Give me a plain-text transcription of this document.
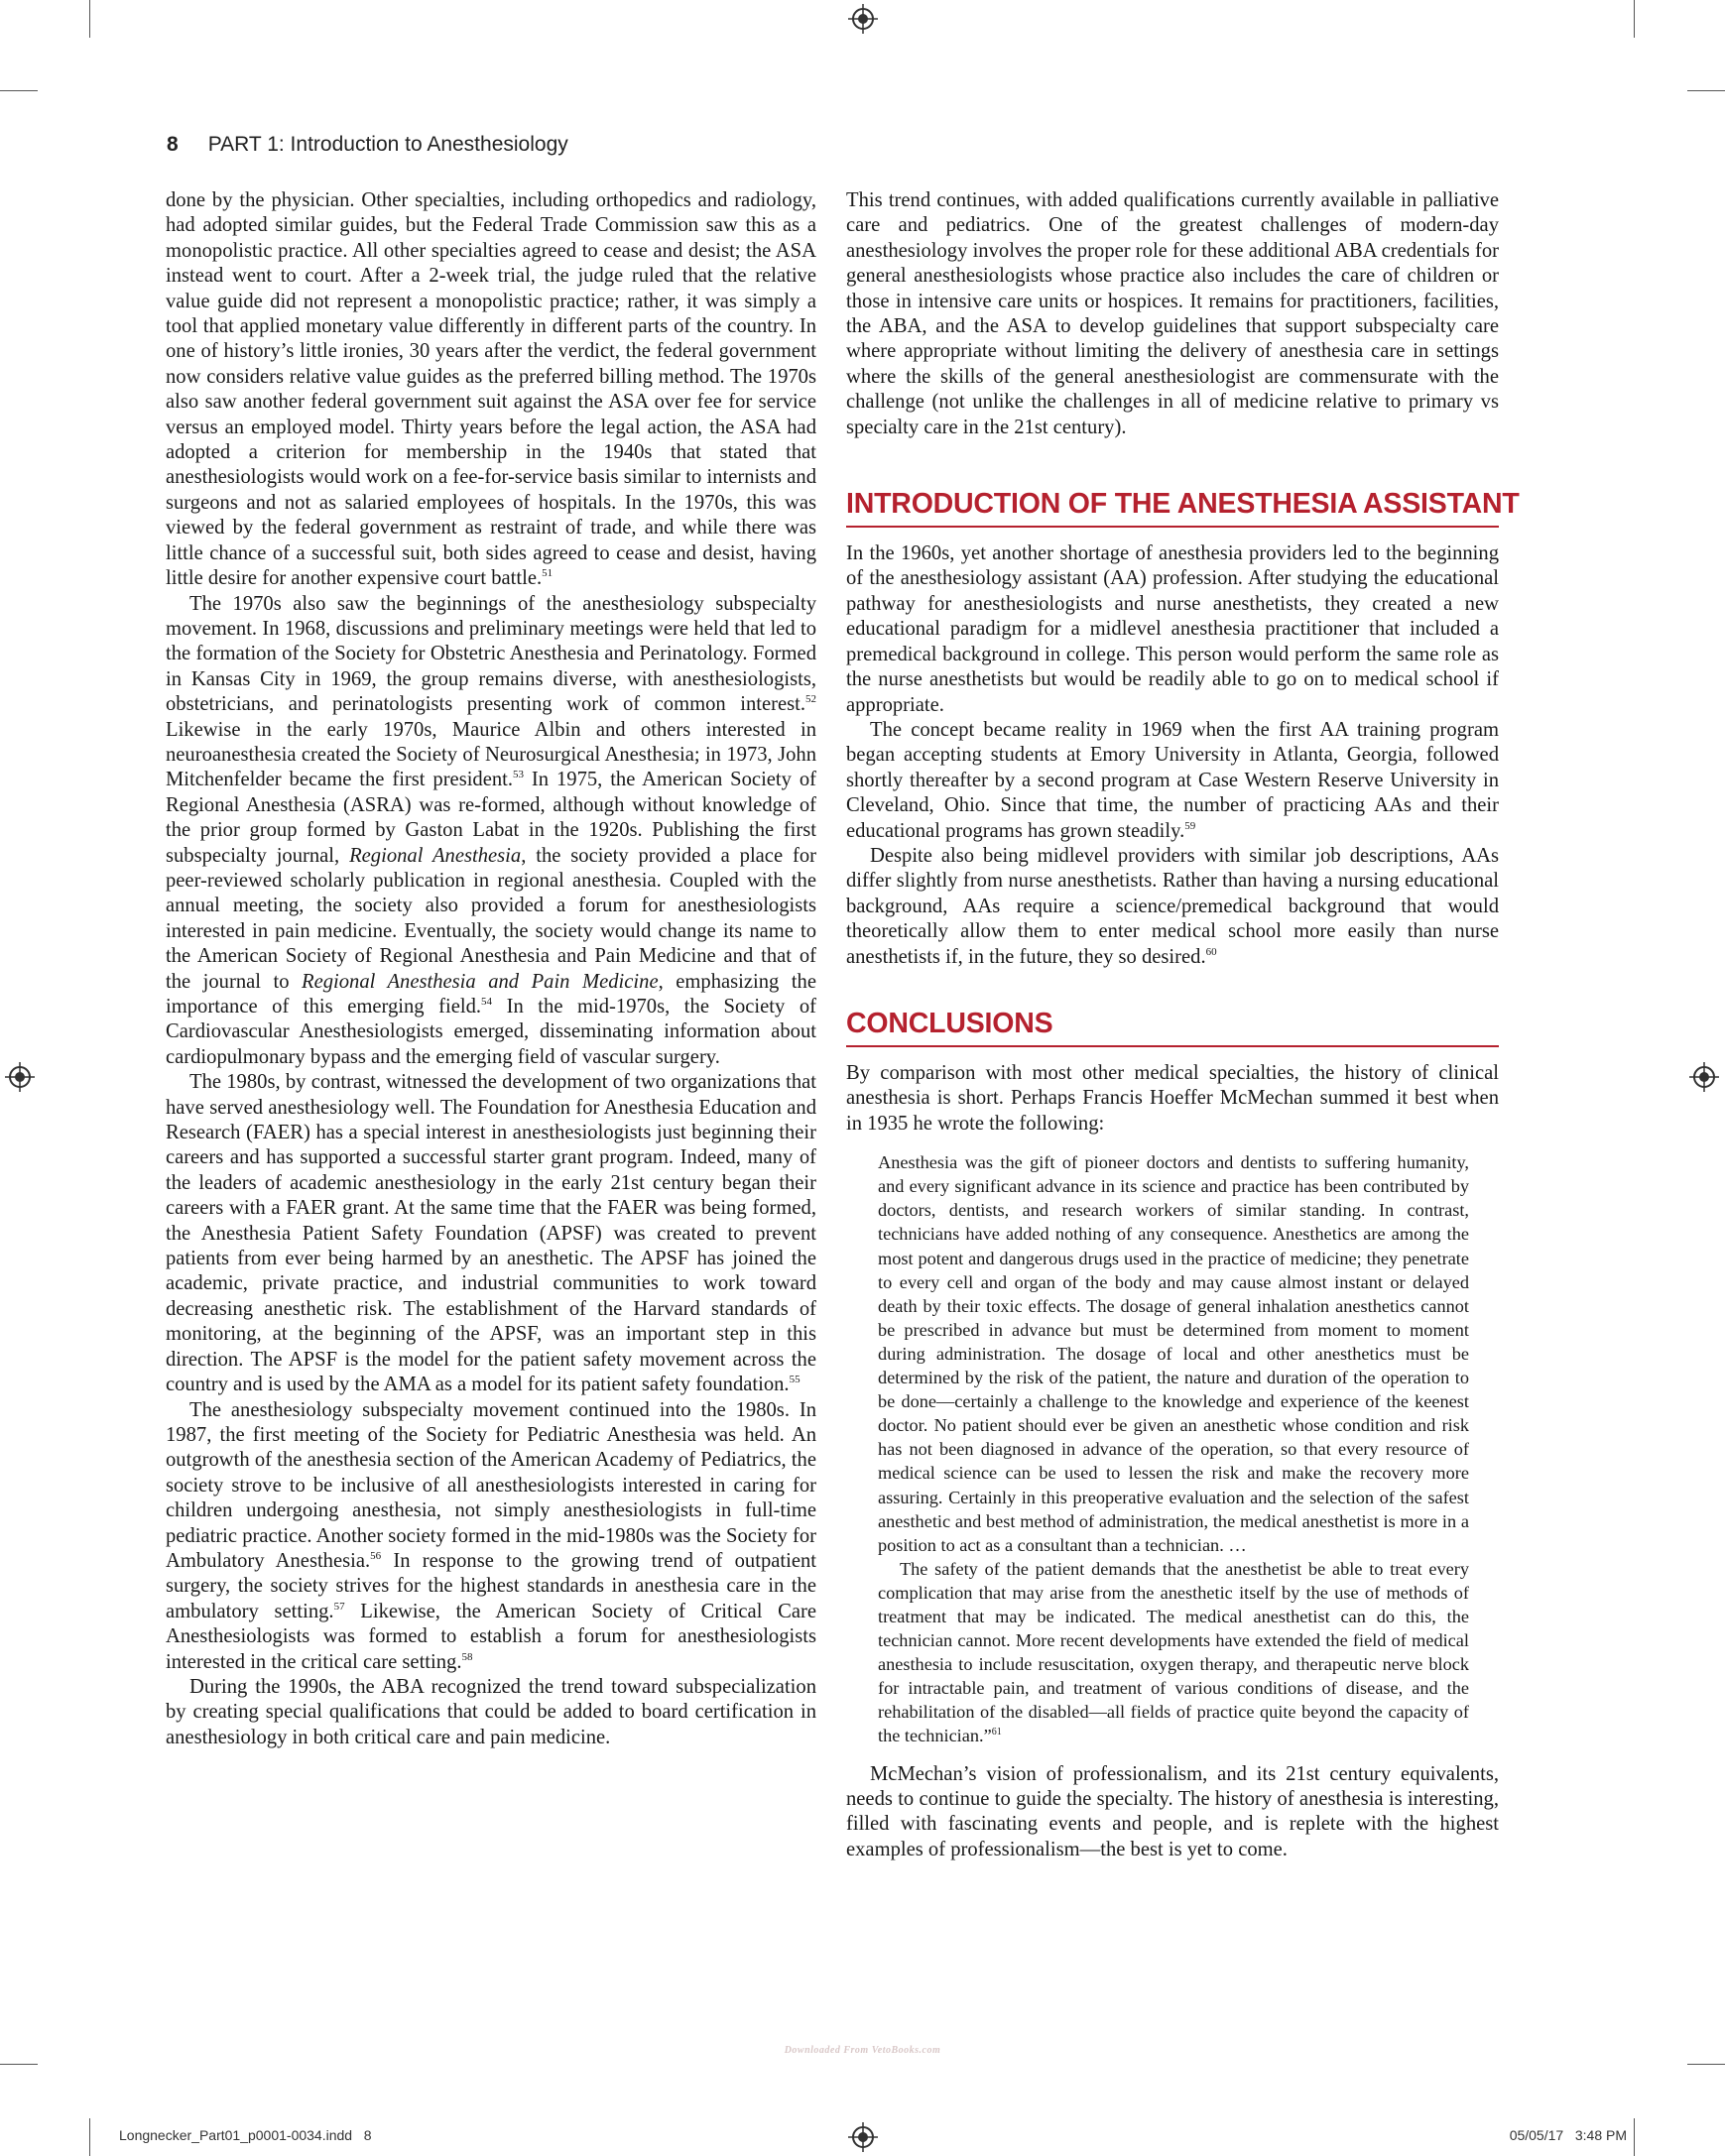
8 PART 1: Introduction to Anesthesiology

done by the physician. Other specialties, including orthopedics and radiology, had adopted similar guides, but the Federal Trade Commission saw this as a monopolistic practice. All other specialties agreed to cease and desist; the ASA instead went to court. After a 2-week trial, the judge ruled that the relative value guide did not represent a monopolistic practice; rather, it was simply a tool that applied monetary value differently in different parts of the country. In one of history’s little ironies, 30 years after the verdict, the federal government now considers relative value guides as the preferred billing method. The 1970s also saw another federal government suit against the ASA over fee for service versus an employed model. Thirty years before the legal action, the ASA had adopted a criterion for membership in the 1940s that stated that anesthesiologists would work on a fee-for-service basis similar to internists and surgeons and not as salaried employees of hospitals. In the 1970s, this was viewed by the federal government as restraint of trade, and while there was little chance of a successful suit, both sides agreed to cease and desist, having little desire for another expensive court battle.$^{51}$

The 1970s also saw the beginnings of the anesthesiology subspecialty movement. In 1968, discussions and preliminary meetings were held that led to the formation of the Society for Obstetric Anesthesia and Perinatology. Formed in Kansas City in 1969, the group remains diverse, with anesthesiologists, obstetricians, and perinatologists presenting work of common interest.$^{52}$ Likewise in the early 1970s, Maurice Albin and others interested in neuroanesthesia created the Society of Neurosurgical Anesthesia; in 1973, John Mitchenfelder became the first president.$^{53}$ In 1975, the American Society of Regional Anesthesia (ASRA) was re-formed, although without knowledge of the prior group formed by Gaston Labat in the 1920s. Publishing the first subspecialty journal, Regional Anesthesia, the society provided a place for peer-reviewed scholarly publication in regional anesthesia. Coupled with the annual meeting, the society also provided a forum for anesthesiologists interested in pain medicine. Eventually, the society would change its name to the American Society of Regional Anesthesia and Pain Medicine and that of the journal to Regional Anesthesia and Pain Medicine, emphasizing the importance of this emerging field.$^{54}$ In the mid-1970s, the Society of Cardiovascular Anesthesiologists emerged, disseminating information about cardiopulmonary bypass and the emerging field of vascular surgery.

The 1980s, by contrast, witnessed the development of two organizations that have served anesthesiology well. The Foundation for Anesthesia Education and Research (FAER) has a special interest in anesthesiologists just beginning their careers and has supported a successful starter grant program. Indeed, many of the leaders of academic anesthesiology in the early 21st century began their careers with a FAER grant. At the same time that the FAER was being formed, the Anesthesia Patient Safety Foundation (APSF) was created to prevent patients from ever being harmed by an anesthetic. The APSF has joined the academic, private practice, and industrial communities to work toward decreasing anesthetic risk. The establishment of the Harvard standards of monitoring, at the beginning of the APSF, was an important step in this direction. The APSF is the model for the patient safety movement across the country and is used by the AMA as a model for its patient safety foundation.$^{55}$

The anesthesiology subspecialty movement continued into the 1980s. In 1987, the first meeting of the Society for Pediatric Anesthesia was held. An outgrowth of the anesthesia section of the American Academy of Pediatrics, the society strove to be inclusive of all anesthesiologists interested in caring for children undergoing anesthesia, not simply anesthesiologists in full-time pediatric practice. Another society formed in the mid-1980s was the Society for Ambulatory Anesthesia.$^{56}$ In response to the growing trend of outpatient surgery, the society strives for the highest standards in anesthesia care in the ambulatory setting.$^{57}$ Likewise, the American Society of Critical Care Anesthesiologists was formed to establish a forum for anesthesiologists interested in the critical care setting.$^{58}$

During the 1990s, the ABA recognized the trend toward subspecialization by creating special qualifications that could be added to board certification in anesthesiology in both critical care and pain medicine.

This trend continues, with added qualifications currently available in palliative care and pediatrics. One of the greatest challenges of modern-day anesthesiology involves the proper role for these additional ABA credentials for general anesthesiologists whose practice also includes the care of children or those in intensive care units or hospices. It remains for practitioners, facilities, the ABA, and the ASA to develop guidelines that support subspecialty care where appropriate without limiting the delivery of anesthesia care in settings where the skills of the general anesthesiologist are commensurate with the challenge (not unlike the challenges in all of medicine relative to primary vs specialty care in the 21st century).

INTRODUCTION OF THE ANESTHESIA ASSISTANT

In the 1960s, yet another shortage of anesthesia providers led to the beginning of the anesthesiology assistant (AA) profession. After studying the educational pathway for anesthesiologists and nurse anesthetists, they created a new educational paradigm for a midlevel anesthesia practitioner that included a premedical background in college. This person would perform the same role as the nurse anesthetists but would be readily able to go on to medical school if appropriate.

The concept became reality in 1969 when the first AA training program began accepting students at Emory University in Atlanta, Georgia, followed shortly thereafter by a second program at Case Western Reserve University in Cleveland, Ohio. Since that time, the number of practicing AAs and their educational programs has grown steadily.$^{59}$

Despite also being midlevel providers with similar job descriptions, AAs differ slightly from nurse anesthetists. Rather than having a nursing educational background, AAs require a science/premedical background that would theoretically allow them to enter medical school more easily than nurse anesthetists if, in the future, they so desired.$^{60}$

CONCLUSIONS

By comparison with most other medical specialties, the history of clinical anesthesia is short. Perhaps Francis Hoeffer McMechan summed it best when in 1935 he wrote the following:

Anesthesia was the gift of pioneer doctors and dentists to suffering humanity, and every significant advance in its science and practice has been contributed by doctors, dentists, and research workers of similar standing. In contrast, technicians have added nothing of any consequence. Anesthetics are among the most potent and dangerous drugs used in the practice of medicine; they penetrate to every cell and organ of the body and may cause almost instant or delayed death by their toxic effects. The dosage of general inhalation anesthetics cannot be prescribed in advance but must be determined from moment to moment during administration. The dosage of local and other anesthetics must be determined by the risk of the patient, the nature and duration of the operation to be done—certainly a challenge to the knowledge and experience of the keenest doctor. No patient should ever be given an anesthetic whose condition and risk has not been diagnosed in advance of the operation, so that every resource of medical science can be used to lessen the risk and make the recovery more assuring. Certainly in this preoperative evaluation and the selection of the safest anesthetic and best method of administration, the medical anesthetist is more in a position to act as a consultant than a technician. …

The safety of the patient demands that the anesthetist be able to treat every complication that may arise from the anesthetic itself by the use of methods of treatment that may be indicated. The medical anesthetist can do this, the technician cannot. More recent developments have extended the field of medical anesthesia to include resuscitation, oxygen therapy, and therapeutic nerve block for intractable pain, and treatment of various conditions of disease, and the rehabilitation of the disabled—all fields of practice quite beyond the capacity of the technician.”$^{61}$

McMechan’s vision of professionalism, and its 21st century equivalents, needs to continue to guide the specialty. The history of anesthesia is interesting, filled with fascinating events and people, and is replete with the highest examples of professionalism—the best is yet to come.

Downloaded From VetoBooks.com
Longnecker_Part01_p0001-0034.indd   8	05/05/17   3:48 PM
